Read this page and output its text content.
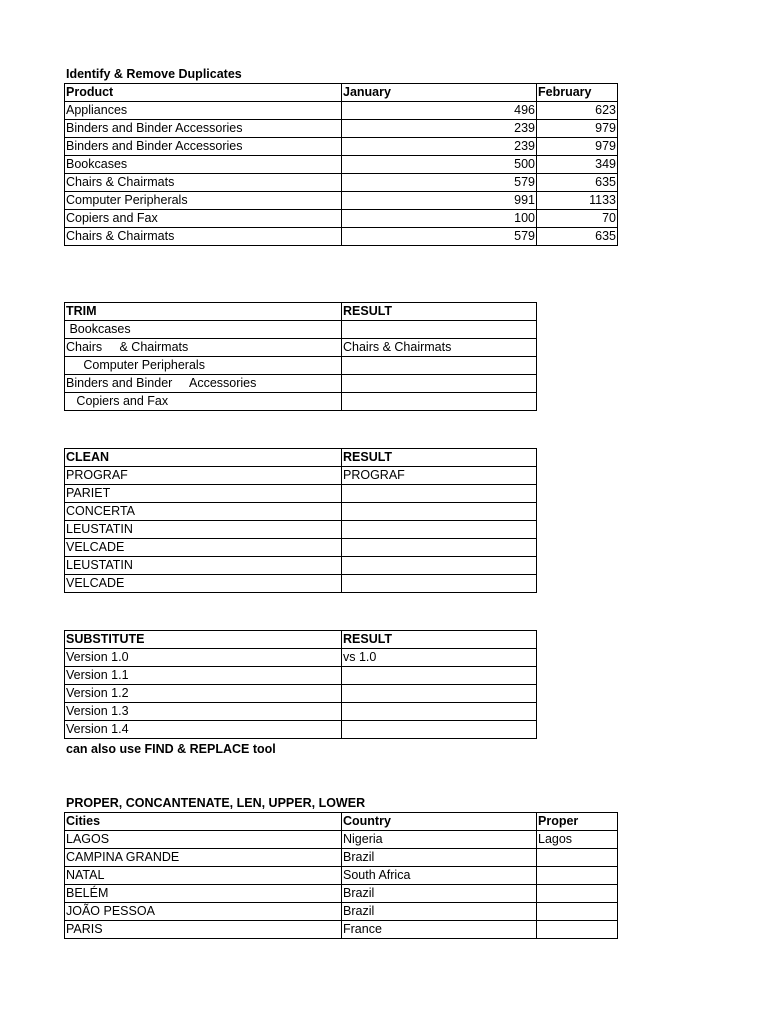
Identify & Remove Duplicates
Product	January	February
Appliances	496	623
Binders and Binder Accessories	239	979
Binders and Binder Accessories	239	979
Bookcases	500	349
Chairs & Chairmats	579	635
Computer Peripherals	991	1133
Copiers and Fax	100	70
Chairs & Chairmats	579	635
TRIM	RESULT
Bookcases	
Chairs     & Chairmats	Chairs & Chairmats
Computer Peripherals	
Binders and Binder     Accessories	
Copiers and Fax	
CLEAN	RESULT
PROGRAF	PROGRAF
PARIET	
CONCERTA	
LEUSTATIN	
VELCADE	
LEUSTATIN	
VELCADE	
SUBSTITUTE	RESULT
Version 1.0	vs 1.0
Version 1.1	
Version 1.2	
Version 1.3	
Version 1.4	
can also use FIND & REPLACE tool
PROPER, CONCANTENATE, LEN, UPPER, LOWER
Cities	Country	Proper
LAGOS	Nigeria	Lagos
CAMPINA GRANDE	Brazil	
NATAL	South Africa	
BELÉM	Brazil	
JOÃO PESSOA	Brazil	
PARIS	France	
